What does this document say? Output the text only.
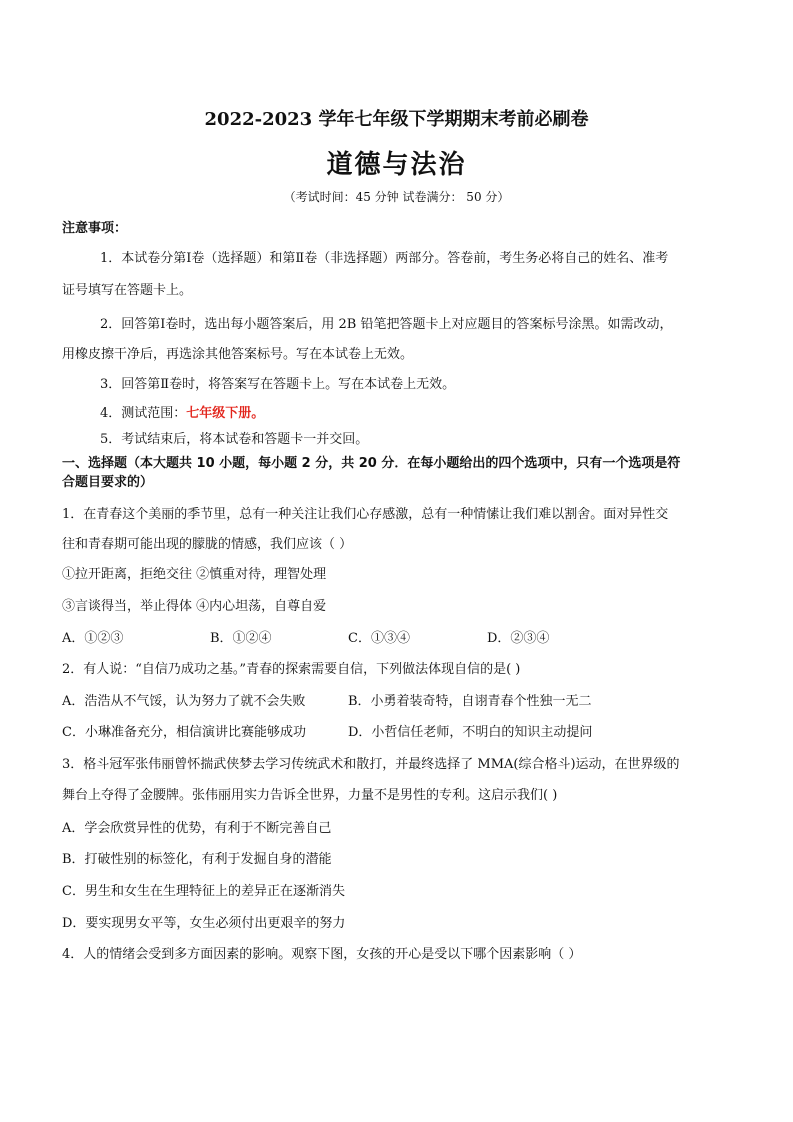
2022-2023 学年七年级下学期期末考前必刷卷
道德与法治
（考试时间：45 分钟 试卷满分： 50 分）
注意事项：
1．本试卷分第Ⅰ卷（选择题）和第Ⅱ卷（非选择题）两部分。答卷前，考生务必将自己的姓名、准考
证号填写在答题卡上。
2．回答第Ⅰ卷时，选出每小题答案后，用 2B 铅笔把答题卡上对应题目的答案标号涂黑。如需改动，
用橡皮擦干净后，再选涂其他答案标号。写在本试卷上无效。
3．回答第Ⅱ卷时，将答案写在答题卡上。写在本试卷上无效。
4．测试范围：七年级下册。
5．考试结束后，将本试卷和答题卡一并交回。
一、选择题（本大题共 10 小题，每小题 2 分，共 20 分．在每小题给出的四个选项中，只有一个选项是符
合题目要求的）
1．在青春这个美丽的季节里，总有一种关注让我们心存感激，总有一种情愫让我们难以割舍。面对异性交
往和青春期可能出现的朦胧的情感，我们应该（ ）
①拉开距离，拒绝交往 ②慎重对待，理智处理
③言谈得当，举止得体 ④内心坦荡，自尊自爱
A．①②③	B．①②④	C．①③④	D．②③④
2．有人说：“自信乃成功之基。”青春的探索需要自信，下列做法体现自信的是( )
A．浩浩从不气馁，认为努力了就不会失败	B．小勇着装奇特，自诩青春个性独一无二
C．小琳准备充分，相信演讲比赛能够成功	D．小哲信任老师，不明白的知识主动提问
3．格斗冠军张伟丽曾怀揣武侠梦去学习传统武术和散打，并最终选择了 MMA(综合格斗)运动，在世界级的
舞台上夺得了金腰牌。张伟丽用实力告诉全世界，力量不是男性的专利。这启示我们( )
A．学会欣赏异性的优势，有利于不断完善自己
B．打破性别的标签化，有利于发掘自身的潜能
C．男生和女生在生理特征上的差异正在逐渐消失
D．要实现男女平等，女生必须付出更艰辛的努力
4．人的情绪会受到多方面因素的影响。观察下图，女孩的开心是受以下哪个因素影响（ ）
